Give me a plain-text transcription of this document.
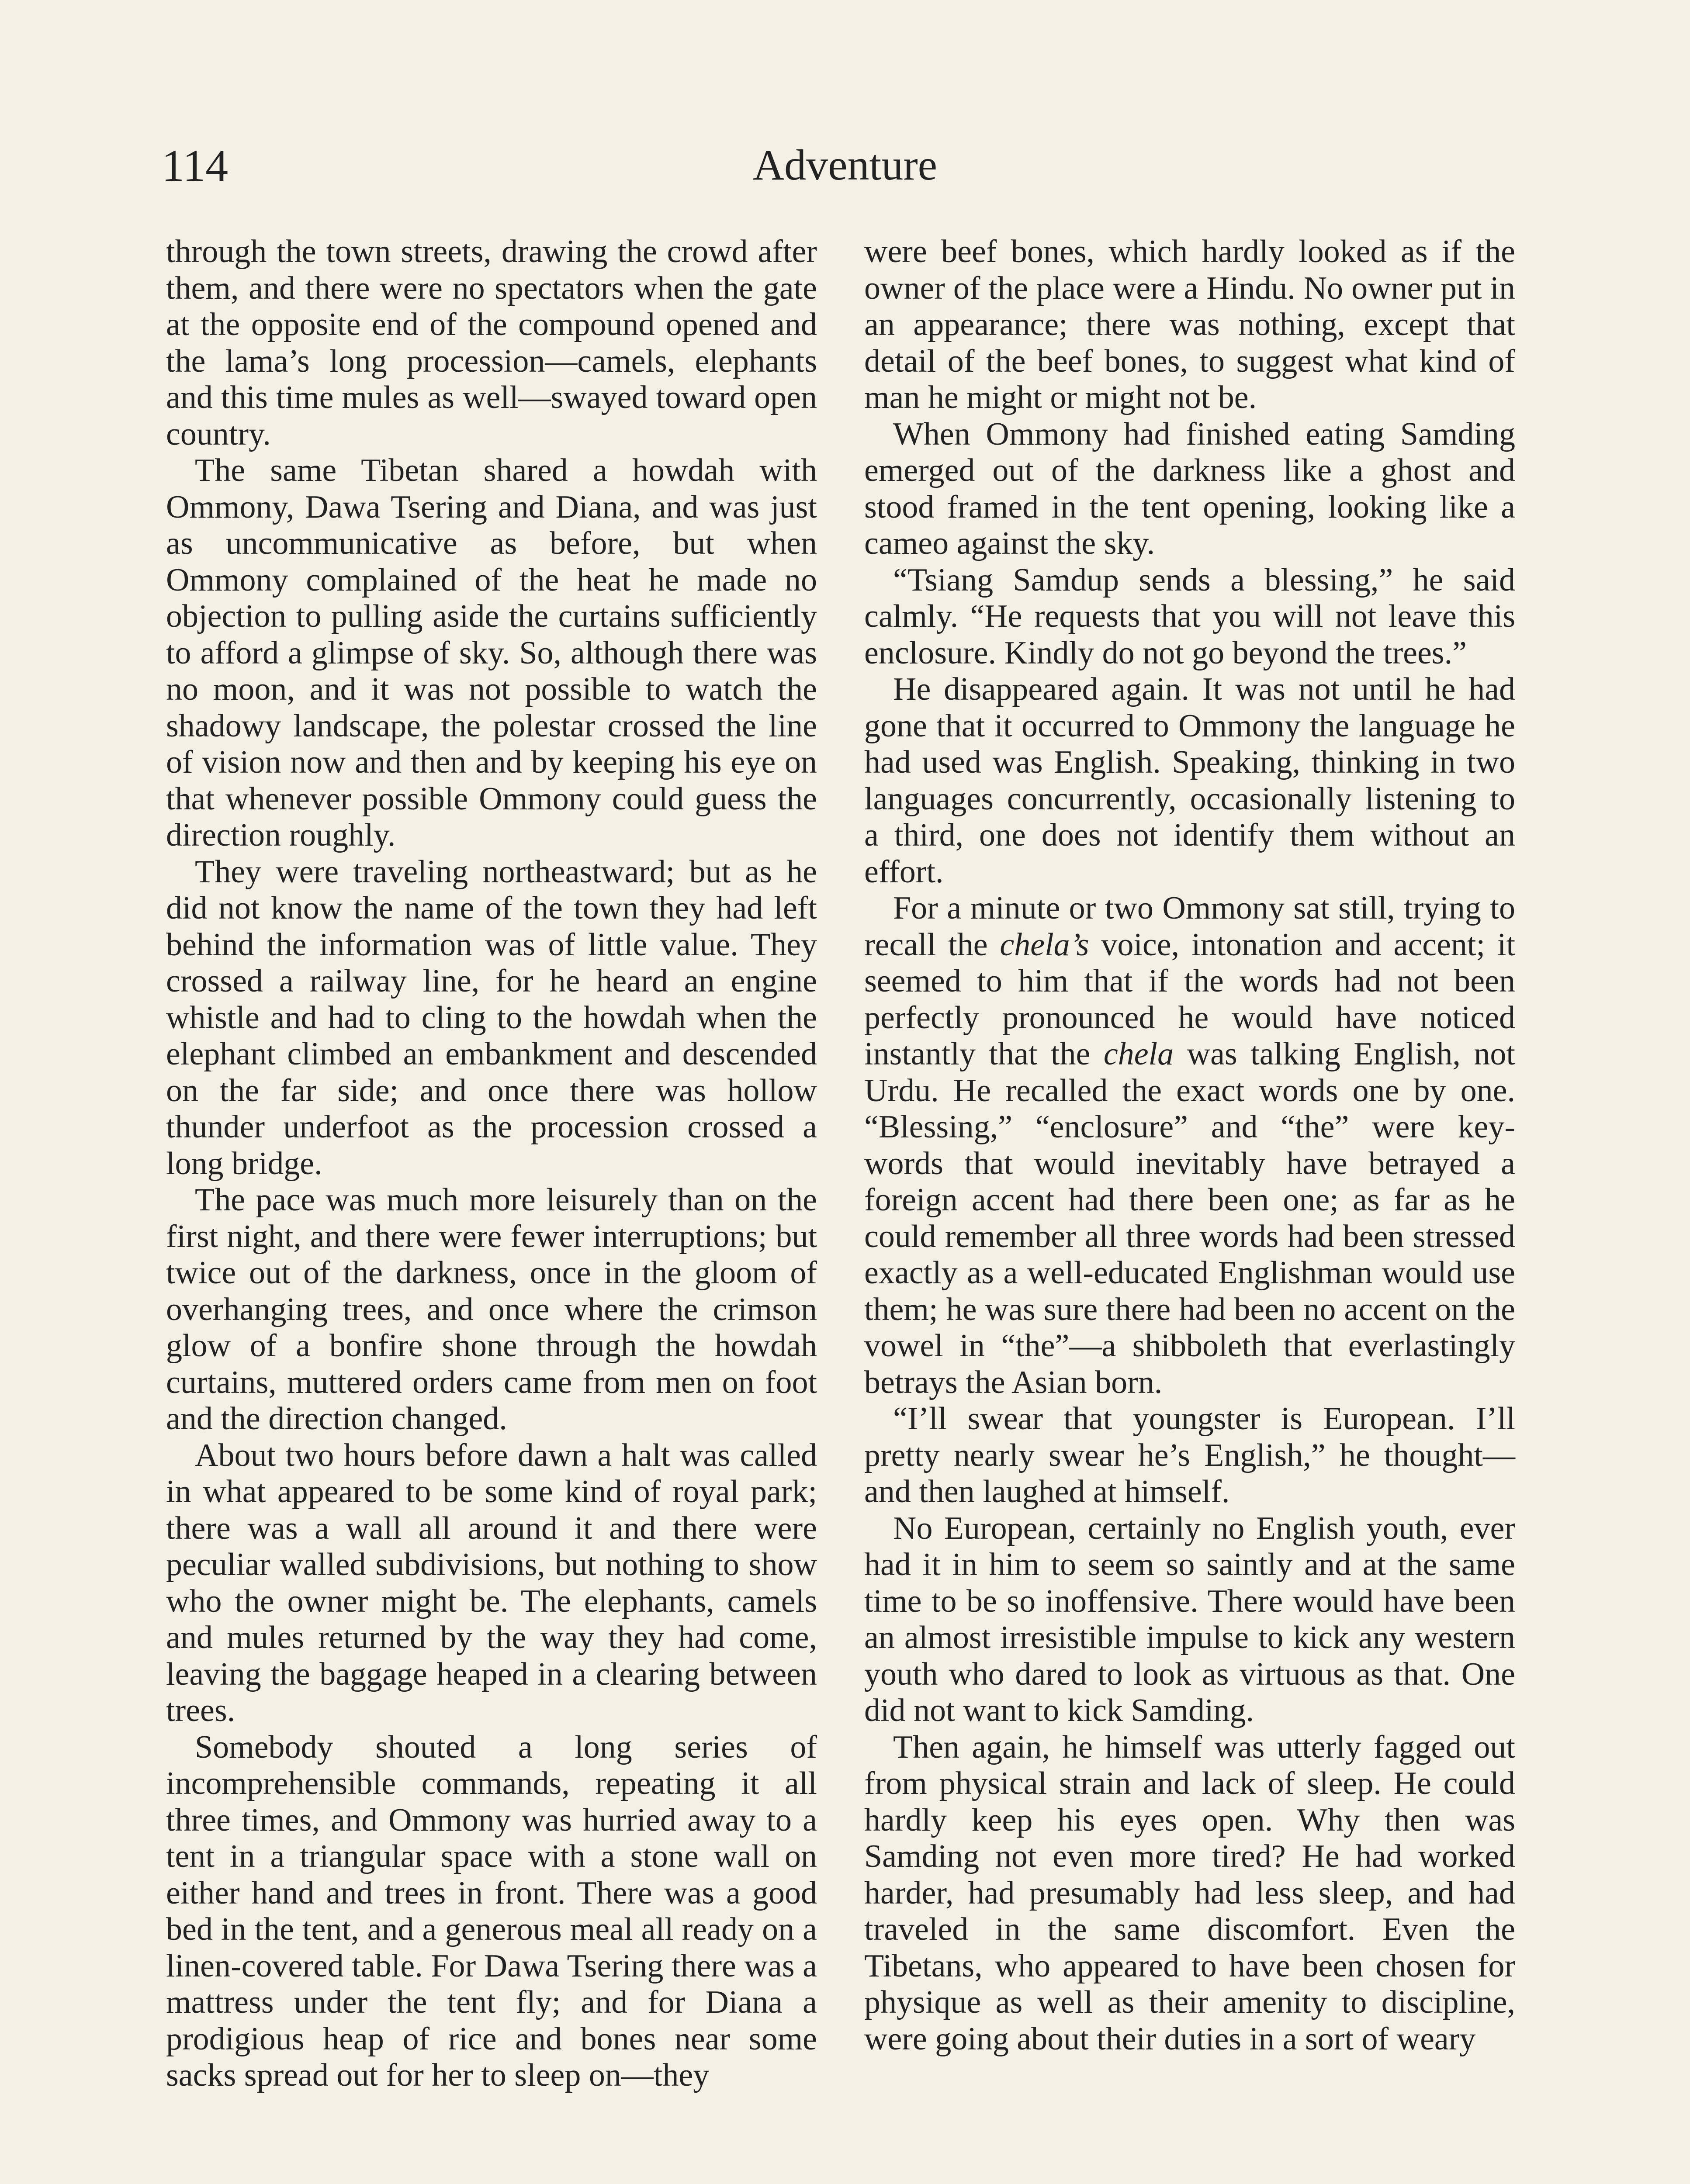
114	Adventure

through the town streets, drawing the crowd after them, and there were no spectators when the gate at the opposite end of the compound opened and the lama’s long procession—camels, elephants and this time mules as well—swayed toward open country.

The same Tibetan shared a howdah with Ommony, Dawa Tsering and Diana, and was just as uncommunicative as before, but when Ommony complained of the heat he made no objection to pulling aside the curtains sufficiently to afford a glimpse of sky. So, although there was no moon, and it was not possible to watch the shadowy landscape, the polestar crossed the line of vision now and then and by keeping his eye on that whenever possible Ommony could guess the direction roughly.

They were traveling northeastward; but as he did not know the name of the town they had left behind the information was of little value. They crossed a railway line, for he heard an engine whistle and had to cling to the howdah when the elephant climbed an embankment and descended on the far side; and once there was hollow thunder underfoot as the procession crossed a long bridge.

The pace was much more leisurely than on the first night, and there were fewer interruptions; but twice out of the darkness, once in the gloom of overhanging trees, and once where the crimson glow of a bonfire shone through the howdah curtains, muttered orders came from men on foot and the direction changed.

About two hours before dawn a halt was called in what appeared to be some kind of royal park; there was a wall all around it and there were peculiar walled subdivisions, but nothing to show who the owner might be. The elephants, camels and mules returned by the way they had come, leaving the baggage heaped in a clearing between trees.

Somebody shouted a long series of incomprehensible commands, repeating it all three times, and Ommony was hurried away to a tent in a triangular space with a stone wall on either hand and trees in front. There was a good bed in the tent, and a generous meal all ready on a linen-covered table. For Dawa Tsering there was a mattress under the tent fly; and for Diana a prodigious heap of rice and bones near some sacks spread out for her to sleep on—they

were beef bones, which hardly looked as if the owner of the place were a Hindu. No owner put in an appearance; there was nothing, except that detail of the beef bones, to suggest what kind of man he might or might not be.

When Ommony had finished eating Samding emerged out of the darkness like a ghost and stood framed in the tent opening, looking like a cameo against the sky.

“Tsiang Samdup sends a blessing,” he said calmly. “He requests that you will not leave this enclosure. Kindly do not go beyond the trees.”

He disappeared again. It was not until he had gone that it occurred to Ommony the language he had used was English. Speaking, thinking in two languages concurrently, occasionally listening to a third, one does not identify them without an effort.

For a minute or two Ommony sat still, trying to recall the chela’s voice, intonation and accent; it seemed to him that if the words had not been perfectly pronounced he would have noticed instantly that the chela was talking English, not Urdu. He recalled the exact words one by one. “Blessing,” “enclosure” and “the” were key-words that would inevitably have betrayed a foreign accent had there been one; as far as he could remember all three words had been stressed exactly as a well-educated Englishman would use them; he was sure there had been no accent on the vowel in “the”—a shibboleth that everlastingly betrays the Asian born.

“I’ll swear that youngster is European. I’ll pretty nearly swear he’s English,” he thought—and then laughed at himself.

No European, certainly no English youth, ever had it in him to seem so saintly and at the same time to be so inoffensive. There would have been an almost irresistible impulse to kick any western youth who dared to look as virtuous as that. One did not want to kick Samding.

Then again, he himself was utterly fagged out from physical strain and lack of sleep. He could hardly keep his eyes open. Why then was Samding not even more tired? He had worked harder, had presumably had less sleep, and had traveled in the same discomfort. Even the Tibetans, who appeared to have been chosen for physique as well as their amenity to discipline, were going about their duties in a sort of weary
